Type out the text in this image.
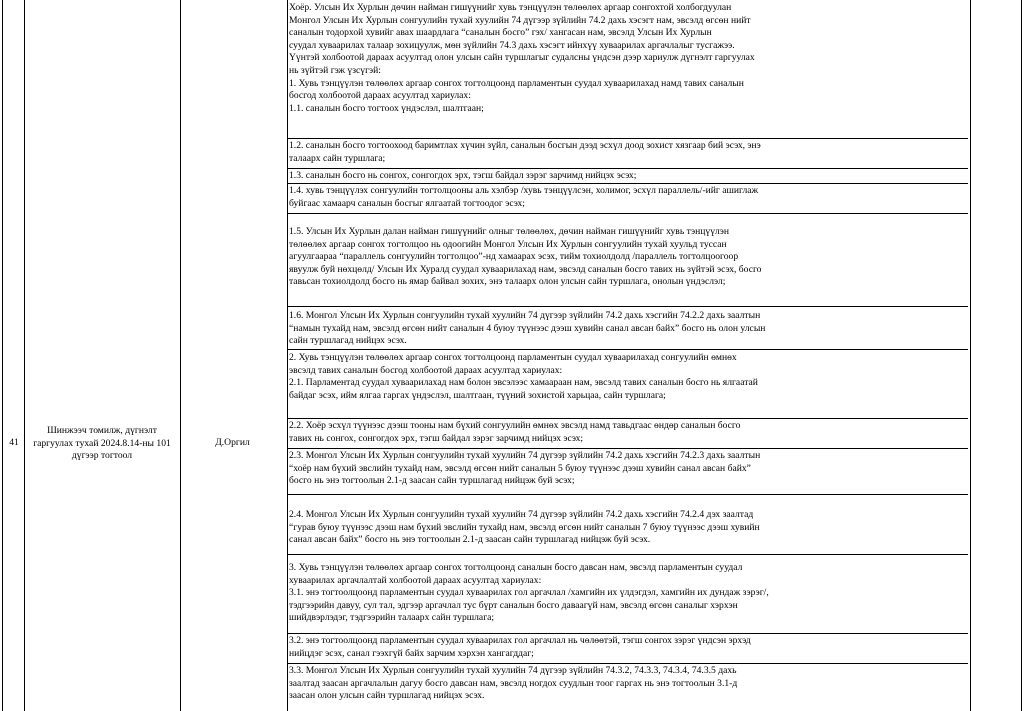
41
Шинжээч томилж, дүгнэлт гаргуулах тухай 2024.8.14-ны 101 дүгээр тогтоол
Д.Оргил
Хоёр. Улсын Их Хурлын дөчин найман гишүүнийг хувь тэнцүүлэн төлөөлөх аргаар сонгохтой холбогдуулан
Монгол Улсын Их Хурлын сонгуулийн тухай хуулийн 74 дүгээр зүйлийн 74.2 дахь хэсэгт нам, эвсэлд өгсөн нийт
саналын тодорхой хувийг авах шаардлага “саналын босго” гэх/ хангасан нам, эвсэлд Улсын Их Хурлын
суудал хуваарилах талаар зохицуулж, мөн зүйлийн 74.3 дахь хэсэгт ийнхүү хуваарилах аргачлалыг тусгажээ.
Үүнтэй холбоотой дараах асуултад олон улсын сайн туршлагыг судалсны үндсэн дээр хариулж дүгнэлт гаргуулах
нь зүйтэй гэж үзсүгэй:
1. Хувь тэнцүүлэн төлөөлөх аргаар сонгох тогтолцоонд парламентын суудал хуваарилахад намд тавих саналын
босгод холбоотой дараах асуултад хариулах:
1.1. саналын босго тогтоох үндэслэл, шалтгаан;
1.2. саналын босго тогтоохоод баримтлах хүчин зүйл, саналын босгын дээд эсхүл доод зохист хязгаар бий эсэх, энэ
талаарх сайн туршлага;
1.3. саналын босго нь сонгох, сонгогдох эрх, тэгш байдал зэрэг зарчимд нийцэх эсэх;
1.4. хувь тэнцүүлэх сонгуулийн тогтолцооны аль хэлбэр /хувь тэнцүүлсэн, холимог, эсхүл параллель/-ийг ашиглаж
буйгаас хамаарч саналын босгыг ялгаатай тогтоодог эсэх;
1.5. Улсын Их Хурлын далан найман гишүүнийг олныг төлөөлөх, дөчин найман гишүүнийг хувь тэнцүүлэн
төлөөлөх аргаар сонгох тогтолцоо нь одоогийн Монгол Улсын Их Хурлын сонгуулийн тухай хуульд туссан
агуулгаараа “параллель сонгуулийн тогтолцоо”-нд хамаарах эсэх, тийм тохиолдолд /параллель тогтолцоогоор
явуулж буй нөхцөлд/ Улсын Их Хуралд суудал хуваарилахад нам, эвсэлд саналын босго тавих нь зүйтэй эсэх, босго
тавьсан тохиолдолд босго нь ямар байвал зохих, энэ талаарх олон улсын сайн туршлага, онолын үндэслэл;
1.6. Монгол Улсын Их Хурлын сонгуулийн тухай хуулийн 74 дүгээр зүйлийн 74.2 дахь хэсгийн 74.2.2 дахь заалтын
“намын тухайд нам, эвсэлд өгсөн нийт саналын 4 буюу түүнээс дээш хувийн санал авсан байх” босго нь олон улсын
сайн туршлагад нийцэх эсэх.
2. Хувь тэнцүүлэн төлөөлөх аргаар сонгох тогтолцоонд парламентын суудал хуваарилахад сонгуулийн өмнөх
эвсэлд тавих саналын босгод холбоотой дараах асуултад хариулах:
2.1. Парламентад суудал хуваарилахад нам болон эвсэлээс хамаараан нам, эвсэлд тавих саналын босго нь ялгаатай
байдаг эсэх, ийм ялгаа гаргах үндэслэл, шалтгаан, түүний зохистой харьцаа, сайн туршлага;
2.2. Хоёр эсхүл түүнээс дээш тооны нам бүхий сонгуулийн өмнөх эвсэлд намд тавьдгаас өндөр саналын босго
тавих нь сонгох, сонгогдох эрх, тэгш байдал зэрэг зарчимд нийцэх эсэх;
2.3. Монгол Улсын Их Хурлын сонгуулийн тухай хуулийн 74 дүгээр зүйлийн 74.2 дахь хэсгийн 74.2.3 дахь заалтын
“хоёр нам бүхий эвслийн тухайд нам, эвсэлд өгсөн нийт саналын 5 буюу түүнээс дээш хувийн санал авсан байх”
босго нь энэ тогтоолын 2.1-д заасан сайн туршлагад нийцэж буй эсэх;
2.4. Монгол Улсын Их Хурлын сонгуулийн тухай хуулийн 74 дүгээр зүйлийн 74.2 дахь хэсгийн 74.2.4 дэх заалтад
“гурав буюу түүнээс дээш нам бүхий эвслийн тухайд нам, эвсэлд өгсөн нийт саналын 7 буюу түүнээс дээш хувийн
санал авсан байх” босго нь энэ тогтоолын 2.1-д заасан сайн туршлагад нийцэж буй эсэх.
3. Хувь тэнцүүлэн төлөөлөх аргаар сонгох тогтолцоонд саналын босго давсан нам, эвсэлд парламентын суудал
хуваарилах аргачлалтай холбоотой дараах асуултад хариулах:
3.1. энэ тогтоолцоонд парламентын суудал хуваарилах гол аргачлал /хамгийн их үлдэгдэл, хамгийн их дундаж зэрэг/,
тэдгээрийн давуу, сул тал, эдгээр аргачлал тус бүрт саналын босго даваагүй нам, эвсэлд өгсөн саналыг хэрхэн
шийдвэрлэдэг, тэдгээрийн талаарх сайн туршлага;
3.2. энэ тогтоолцоонд парламентын суудал хуваарилах гол аргачлал нь чөлөөтэй, тэгш сонгох зэрэг үндсэн эрхэд
нийцдэг эсэх, санал гээхгүй байх зарчим хэрхэн хангагддаг;
3.3. Монгол Улсын Их Хурлын сонгуулийн тухай хуулийн 74 дүгээр зүйлийн 74.3.2, 74.3.3, 74.3.4, 74.3.5 дахь
заалтад заасан аргачлалын дагуу босго давсан нам, эвсэлд ногдох суудлын тоог гаргах нь энэ тогтоолын 3.1-д
заасан олон улсын сайн туршлагад нийцэх эсэх.
